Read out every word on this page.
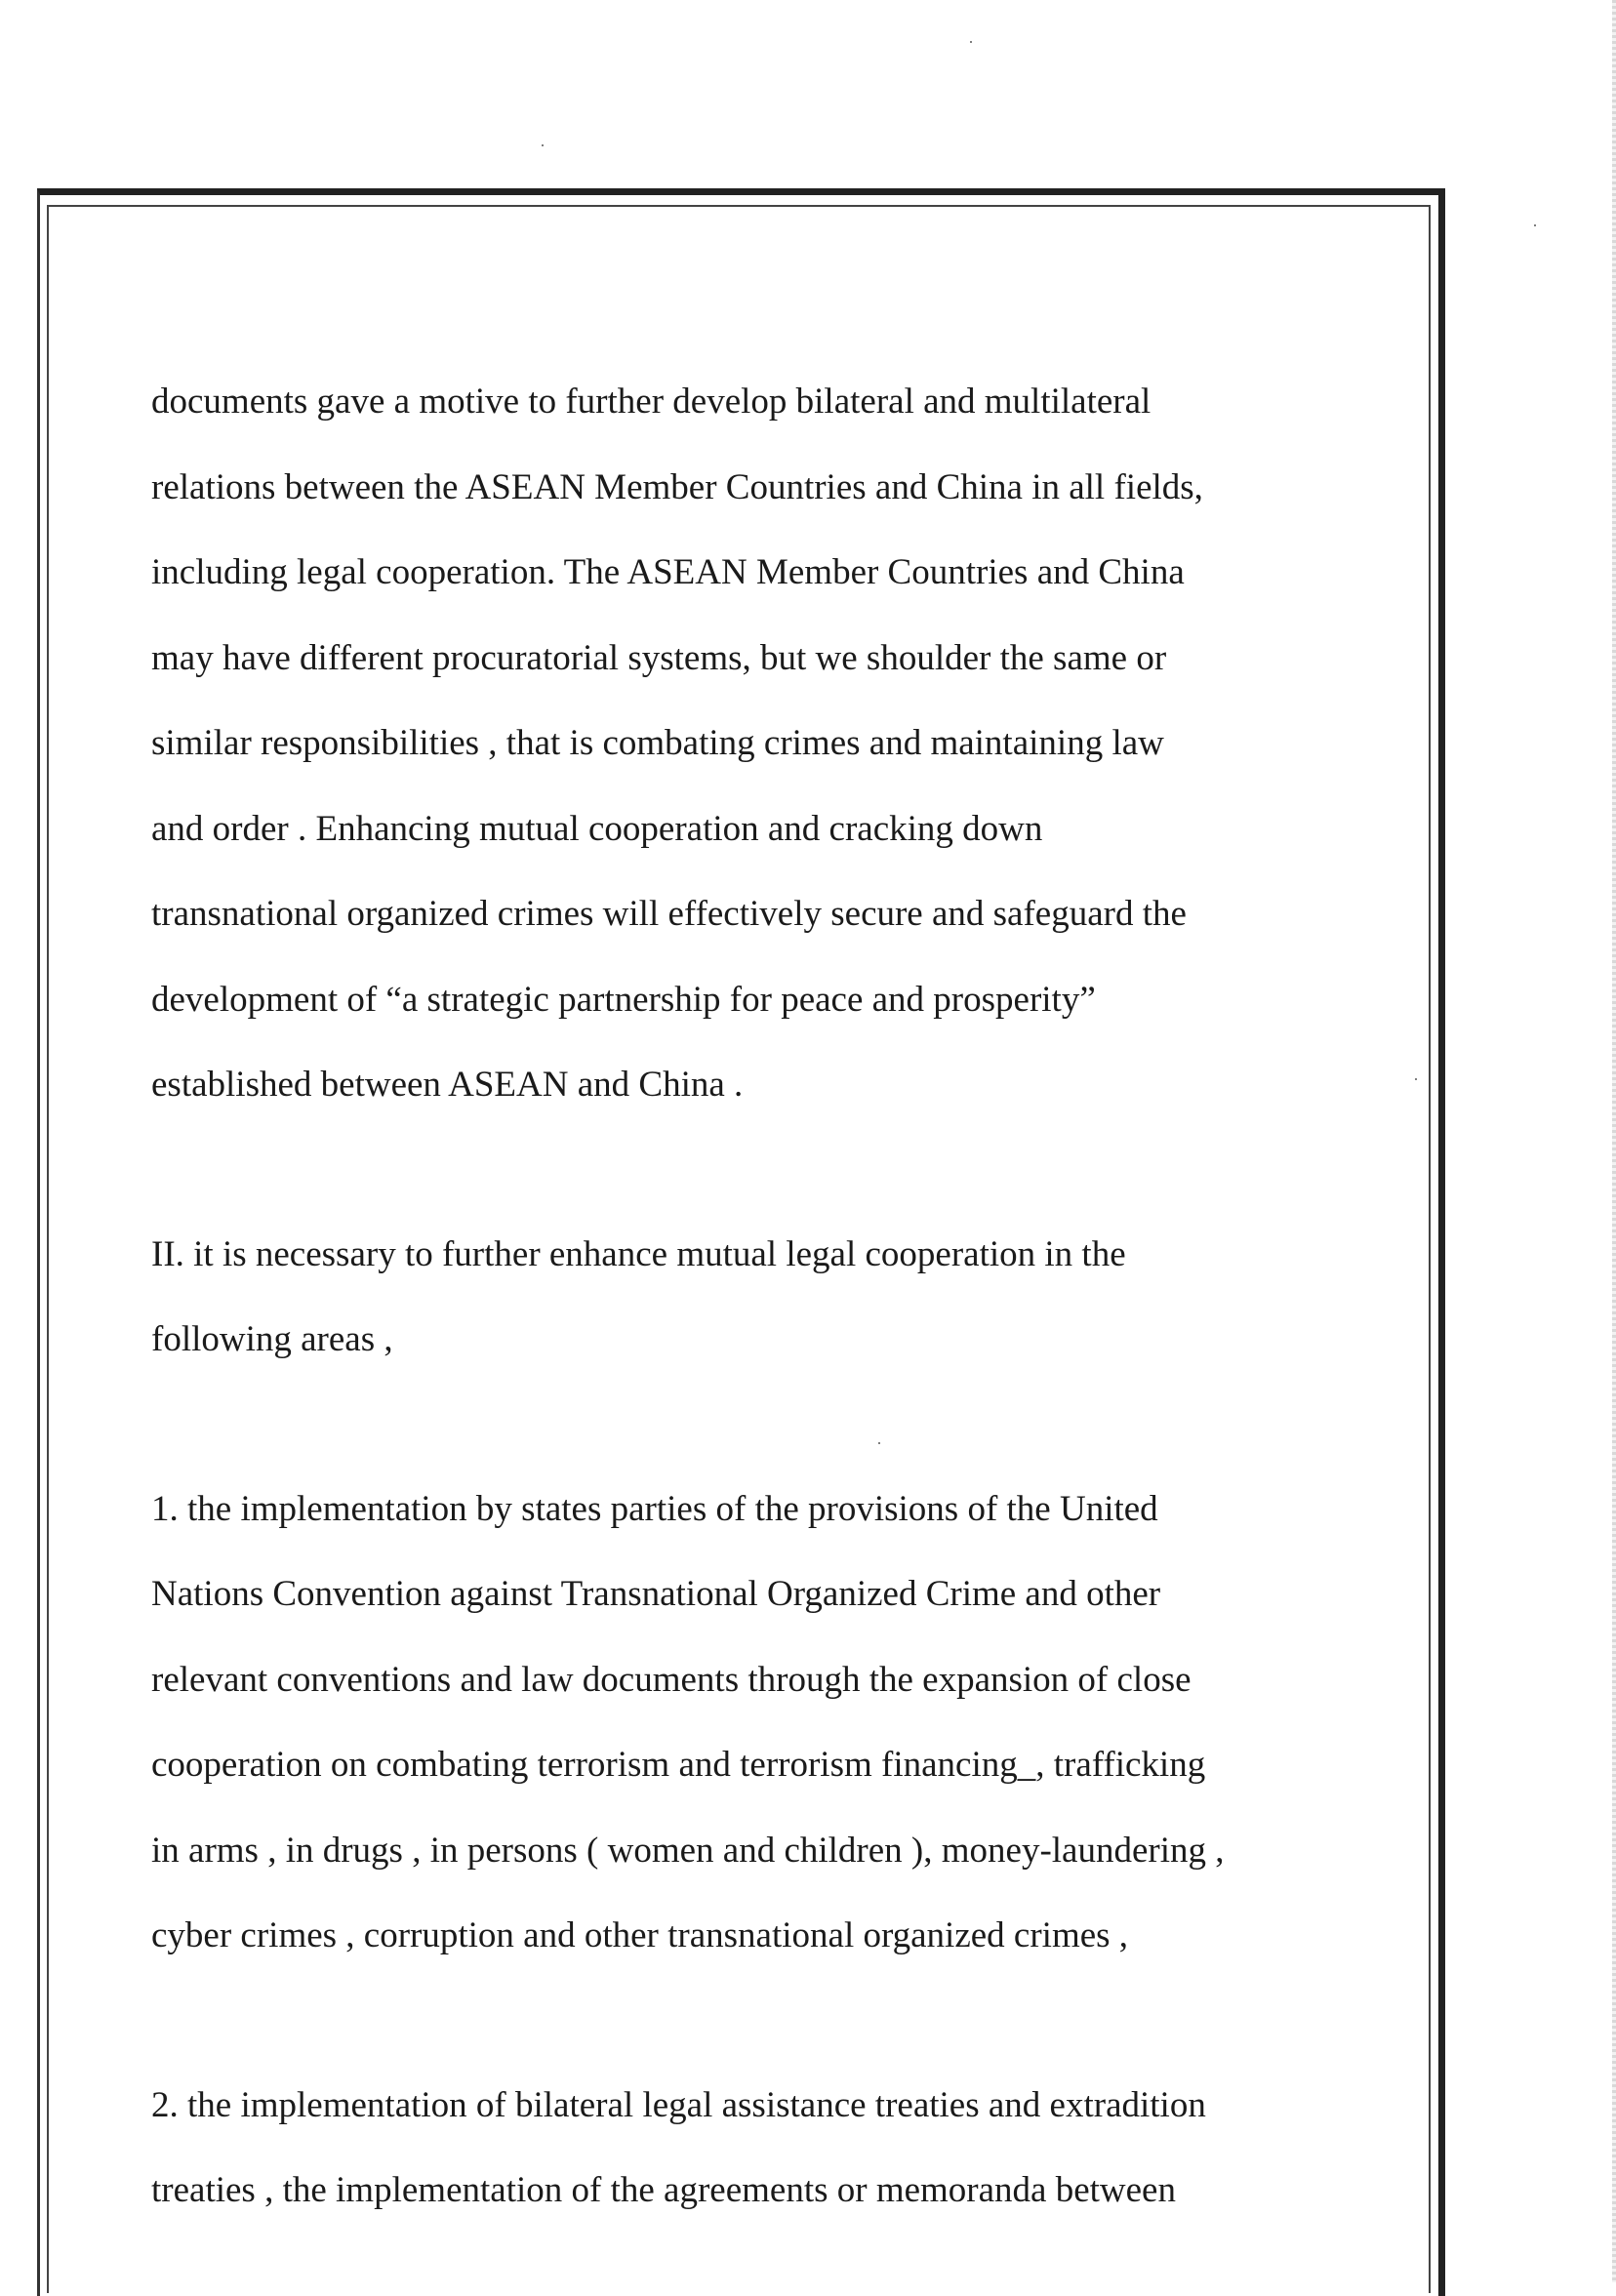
documents gave a motive to further develop bilateral and multilateral
relations between the ASEAN Member Countries and China in all fields,
including legal cooperation. The ASEAN Member Countries and China
may have different procuratorial systems, but we shoulder the same or
similar responsibilities , that is combating crimes and maintaining law
and order . Enhancing mutual cooperation and cracking down
transnational organized crimes will effectively secure and safeguard the
development of “a strategic partnership for peace and prosperity”
established between ASEAN and China .
II. it is necessary to further enhance mutual legal cooperation in the
following areas ,
1. the implementation by states parties of the provisions of the United
Nations Convention against Transnational Organized Crime and other
relevant conventions and law documents through the expansion of close
cooperation on combating terrorism and terrorism financing_, trafficking
in arms , in drugs , in persons ( women and children ), money-laundering ,
cyber crimes , corruption and other transnational organized crimes ,
2. the implementation of bilateral legal assistance treaties and extradition
treaties , the implementation of the agreements or memoranda between
